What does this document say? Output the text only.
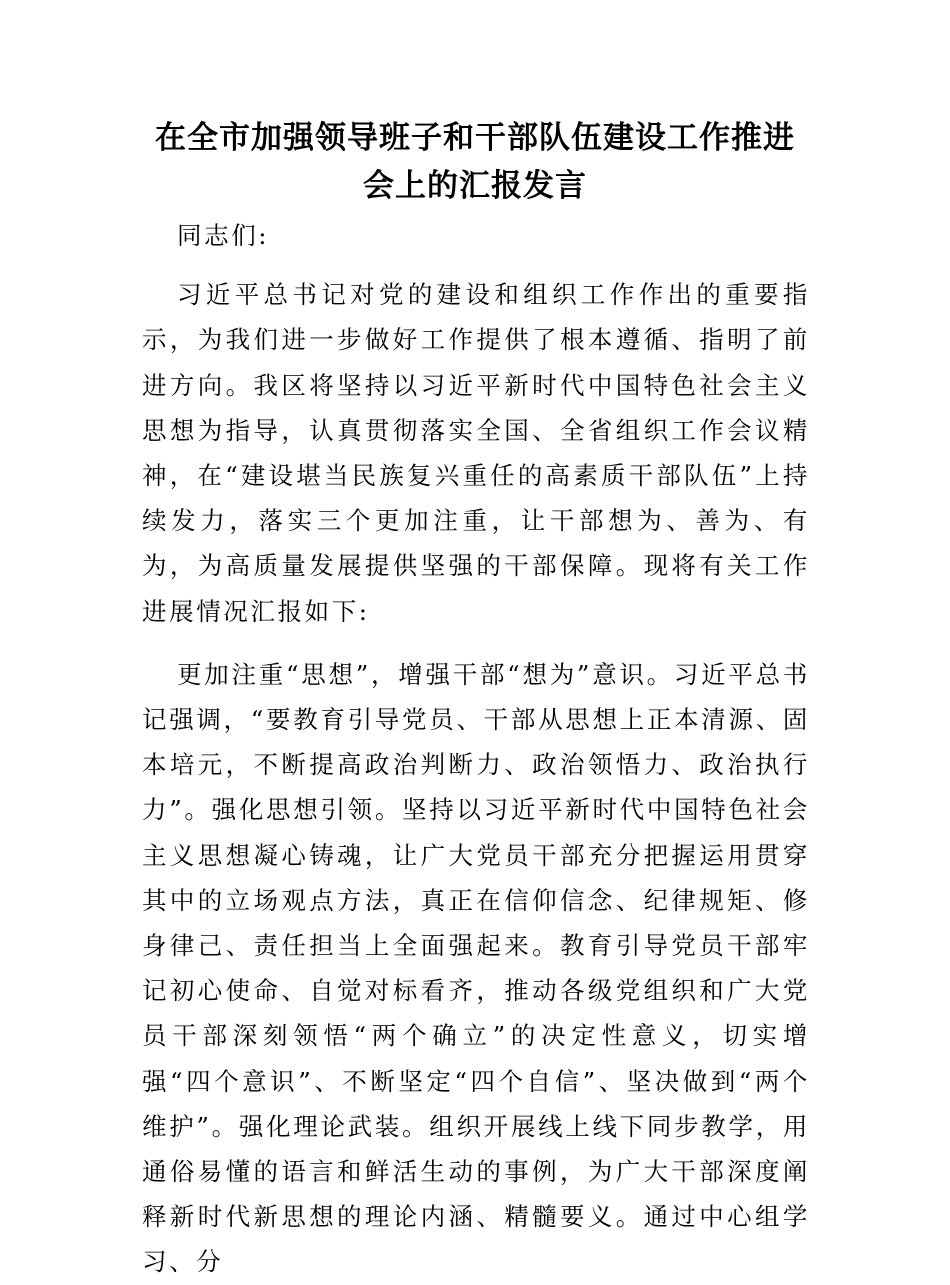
在全市加强领导班子和干部队伍建设工作推进
会上的汇报发言

同志们:

习近平总书记对党的建设和组织工作作出的重要指示，为我们进一步做好工作提供了根本遵循、指明了前进方向。我区将坚持以习近平新时代中国特色社会主义思想为指导，认真贯彻落实全国、全省组织工作会议精神，在“建设堪当民族复兴重任的高素质干部队伍”上持续发力，落实三个更加注重，让干部想为、善为、有为，为高质量发展提供坚强的干部保障。现将有关工作进展情况汇报如下:

更加注重“思想”，增强干部“想为”意识。习近平总书记强调，“要教育引导党员、干部从思想上正本清源、固本培元，不断提高政治判断力、政治领悟力、政治执行力”。强化思想引领。坚持以习近平新时代中国特色社会主义思想凝心铸魂，让广大党员干部充分把握运用贯穿其中的立场观点方法，真正在信仰信念、纪律规矩、修身律己、责任担当上全面强起来。教育引导党员干部牢记初心使命、自觉对标看齐，推动各级党组织和广大党员干部深刻领悟“两个确立”的决定性意义，切实增强“四个意识”、不断坚定“四个自信”、坚决做到“两个维护”。强化理论武装。组织开展线上线下同步教学，用通俗易懂的语言和鲜活生动的事例，为广大干部深度阐释新时代新思想的理论内涵、精髓要义。通过中心组学习、分
